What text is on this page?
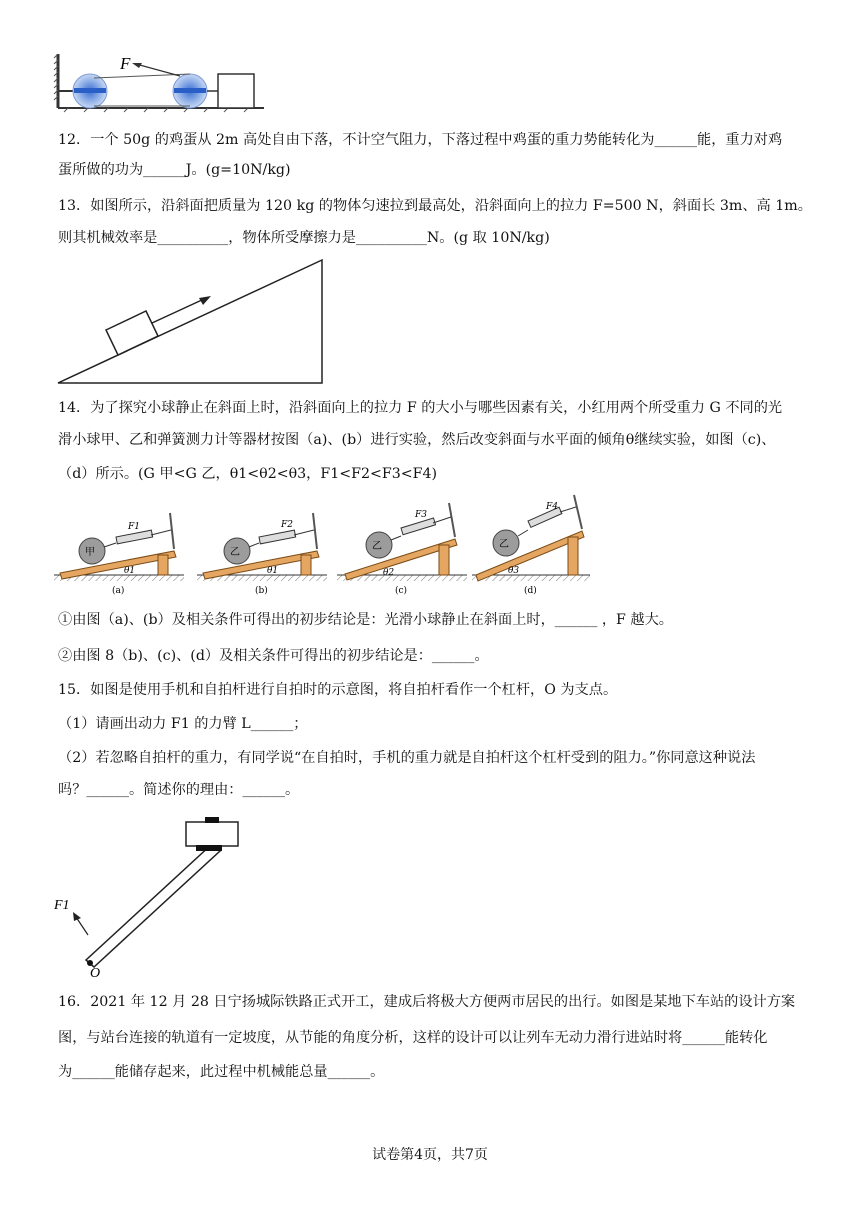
F
12．一个 50g 的鸡蛋从 2m 高处自由下落，不计空气阻力，下落过程中鸡蛋的重力势能转化为______能，重力对鸡
蛋所做的功为______J。(g=10N/kg)
13．如图所示，沿斜面把质量为 120 kg 的物体匀速拉到最高处，沿斜面向上的拉力 F=500 N，斜面长 3m、高 1m。
则其机械效率是__________，物体所受摩擦力是__________N。(g 取 10N/kg)
14．为了探究小球静止在斜面上时，沿斜面向上的拉力 F 的大小与哪些因素有关，小红用两个所受重力 G 不同的光
滑小球甲、乙和弹簧测力计等器材按图（a)、(b）进行实验，然后改变斜面与水平面的倾角θ继续实验，如图（c)、
（d）所示。(G 甲<G 乙，θ1<θ2<θ3，F1<F2<F3<F4)
甲
F1
θ1
(a)
乙
F2
θ1
(b)
乙
F3
θ2
(c)
乙
F4
θ3
(d)
①由图（a)、(b）及相关条件可得出的初步结论是：光滑小球静止在斜面上时，______ ，F 越大。
②由图 8（b)、(c)、(d）及相关条件可得出的初步结论是：______。
15．如图是使用手机和自拍杆进行自拍时的示意图，将自拍杆看作一个杠杆，O 为支点。
（1）请画出动力 F1 的力臂 L______；
（2）若忽略自拍杆的重力，有同学说“在自拍时，手机的重力就是自拍杆这个杠杆受到的阻力。”你同意这种说法
吗？______。简述你的理由：______。
F1
O
16．2021 年 12 月 28 日宁扬城际铁路正式开工，建成后将极大方便两市居民的出行。如图是某地下车站的设计方案
图，与站台连接的轨道有一定坡度，从节能的角度分析，这样的设计可以让列车无动力滑行进站时将______能转化
为______能储存起来，此过程中机械能总量______。
试卷第4页，共7页
